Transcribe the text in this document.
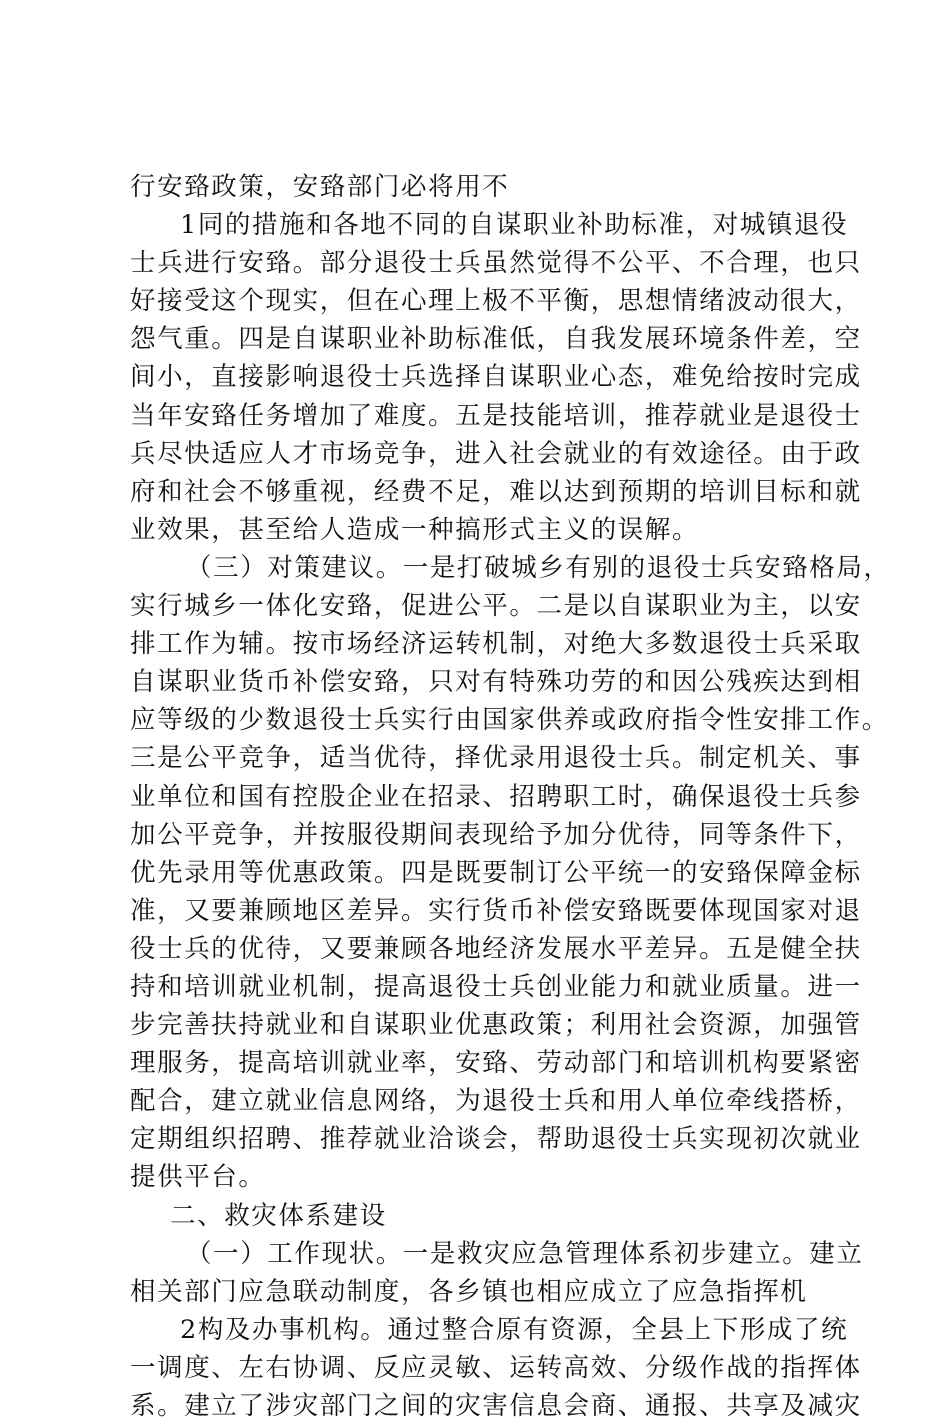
行安臵政策，安臵部门必将用不
1同的措施和各地不同的自谋职业补助标准，对城镇退役
士兵进行安臵。部分退役士兵虽然觉得不公平、不合理，也只
好接受这个现实，但在心理上极不平衡，思想情绪波动很大，
怨气重。四是自谋职业补助标准低，自我发展环境条件差，空
间小，直接影响退役士兵选择自谋职业心态，难免给按时完成
当年安臵任务增加了难度。五是技能培训，推荐就业是退役士
兵尽快适应人才市场竞争，进入社会就业的有效途径。由于政
府和社会不够重视，经费不足，难以达到预期的培训目标和就
业效果，甚至给人造成一种搞形式主义的误解。
（三）对策建议。一是打破城乡有别的退役士兵安臵格局，
实行城乡一体化安臵，促进公平。二是以自谋职业为主，以安
排工作为辅。按市场经济运转机制，对绝大多数退役士兵采取
自谋职业货币补偿安臵，只对有特殊功劳的和因公残疾达到相
应等级的少数退役士兵实行由国家供养或政府指令性安排工作。
三是公平竞争，适当优待，择优录用退役士兵。制定机关、事
业单位和国有控股企业在招录、招聘职工时，确保退役士兵参
加公平竞争，并按服役期间表现给予加分优待，同等条件下，
优先录用等优惠政策。四是既要制订公平统一的安臵保障金标
准，又要兼顾地区差异。实行货币补偿安臵既要体现国家对退
役士兵的优待，又要兼顾各地经济发展水平差异。五是健全扶
持和培训就业机制，提高退役士兵创业能力和就业质量。进一
步完善扶持就业和自谋职业优惠政策；利用社会资源，加强管
理服务，提高培训就业率，安臵、劳动部门和培训机构要紧密
配合，建立就业信息网络，为退役士兵和用人单位牵线搭桥，
定期组织招聘、推荐就业洽谈会，帮助退役士兵实现初次就业
提供平台。
二、救灾体系建设
（一）工作现状。一是救灾应急管理体系初步建立。建立
相关部门应急联动制度，各乡镇也相应成立了应急指挥机
2构及办事机构。通过整合原有资源，全县上下形成了统
一调度、左右协调、反应灵敏、运转高效、分级作战的指挥体
系。建立了涉灾部门之间的灾害信息会商、通报、共享及减灾
